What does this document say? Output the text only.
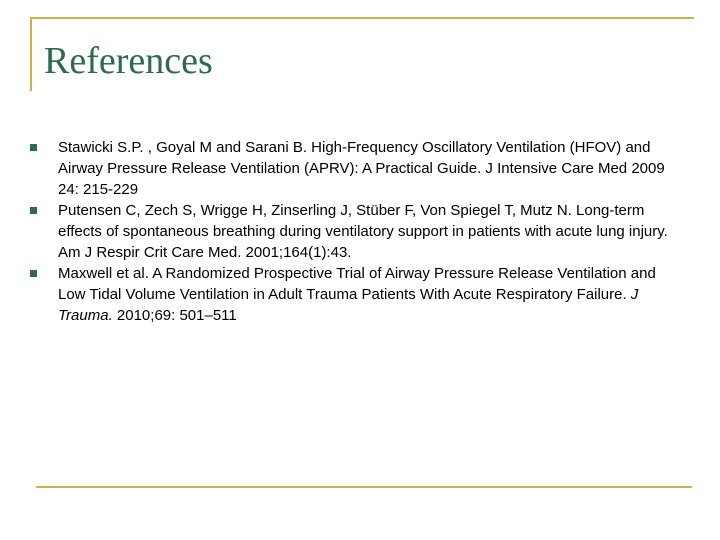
References
Stawicki S.P. , Goyal M and Sarani B. High-Frequency Oscillatory Ventilation (HFOV) and Airway Pressure Release Ventilation (APRV): A Practical Guide. J Intensive Care Med 2009 24: 215-229
Putensen C, Zech S, Wrigge H, Zinserling J, Stüber F, Von Spiegel T, Mutz N. Long-term effects of spontaneous breathing during ventilatory support in patients with acute lung injury. Am J Respir Crit Care Med. 2001;164(1):43.
Maxwell et al. A Randomized Prospective Trial of Airway Pressure Release Ventilation and Low Tidal Volume Ventilation in Adult Trauma Patients With Acute Respiratory Failure. J Trauma. 2010;69: 501–511
